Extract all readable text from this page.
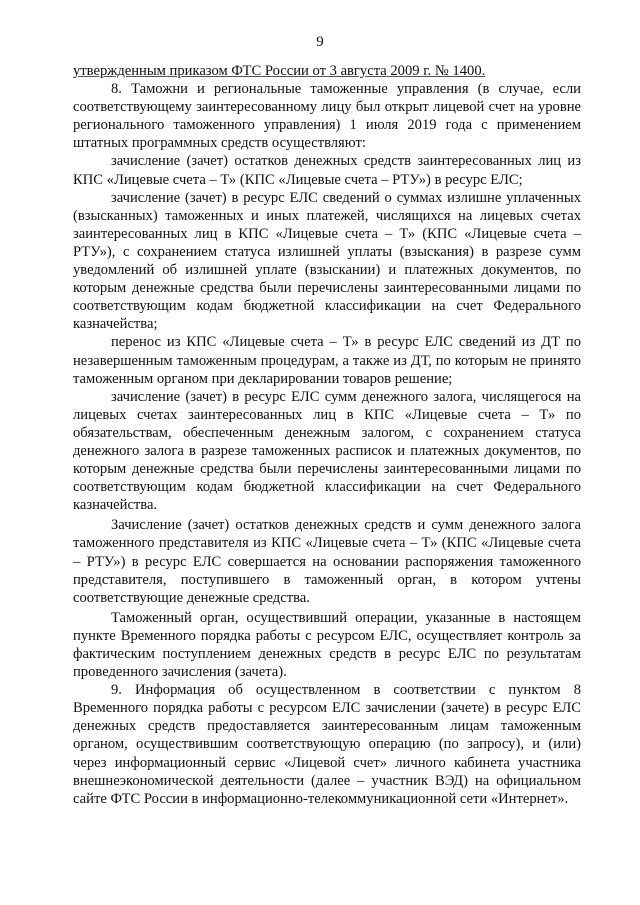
9

утвержденным приказом ФТС России от 3 августа 2009 г. № 1400.

8. Таможни и региональные таможенные управления (в случае, если соответствующему заинтересованному лицу был открыт лицевой счет на уровне регионального таможенного управления) 1 июля 2019 года с применением штатных программных средств осуществляют:

зачисление (зачет) остатков денежных средств заинтересованных лиц из КПС «Лицевые счета – Т» (КПС «Лицевые счета – РТУ») в ресурс ЕЛС;

зачисление (зачет) в ресурс ЕЛС сведений о суммах излишне уплаченных (взысканных) таможенных и иных платежей, числящихся на лицевых счетах заинтересованных лиц в КПС «Лицевые счета – Т» (КПС «Лицевые счета – РТУ»), с сохранением статуса излишней уплаты (взыскания) в разрезе сумм уведомлений об излишней уплате (взыскании) и платежных документов, по которым денежные средства были перечислены заинтересованными лицами по соответствующим кодам бюджетной классификации на счет Федерального казначейства;

перенос из КПС «Лицевые счета – Т» в ресурс ЕЛС сведений из ДТ по незавершенным таможенным процедурам, а также из ДТ, по которым не принято таможенным органом при декларировании товаров решение;

зачисление (зачет) в ресурс ЕЛС сумм денежного залога, числящегося на лицевых счетах заинтересованных лиц в КПС «Лицевые счета – Т» по обязательствам, обеспеченным денежным залогом, с сохранением статуса денежного залога в разрезе таможенных расписок и платежных документов, по которым денежные средства были перечислены заинтересованными лицами по соответствующим кодам бюджетной классификации на счет Федерального казначейства.

Зачисление (зачет) остатков денежных средств и сумм денежного залога таможенного представителя из КПС «Лицевые счета – Т» (КПС «Лицевые счета – РТУ») в ресурс ЕЛС совершается на основании распоряжения таможенного представителя, поступившего в таможенный орган, в котором учтены соответствующие денежные средства.

Таможенный орган, осуществивший операции, указанные в настоящем пункте Временного порядка работы с ресурсом ЕЛС, осуществляет контроль за фактическим поступлением денежных средств в ресурс ЕЛС по результатам проведенного зачисления (зачета).

9. Информация об осуществленном в соответствии с пунктом 8 Временного порядка работы с ресурсом ЕЛС зачислении (зачете) в ресурс ЕЛС денежных средств предоставляется заинтересованным лицам таможенным органом, осуществившим соответствующую операцию (по запросу), и (или) через информационный сервис «Лицевой счет» личного кабинета участника внешнеэкономической деятельности (далее – участник ВЭД) на официальном сайте ФТС России в информационно-телекоммуникационной сети «Интернет».
